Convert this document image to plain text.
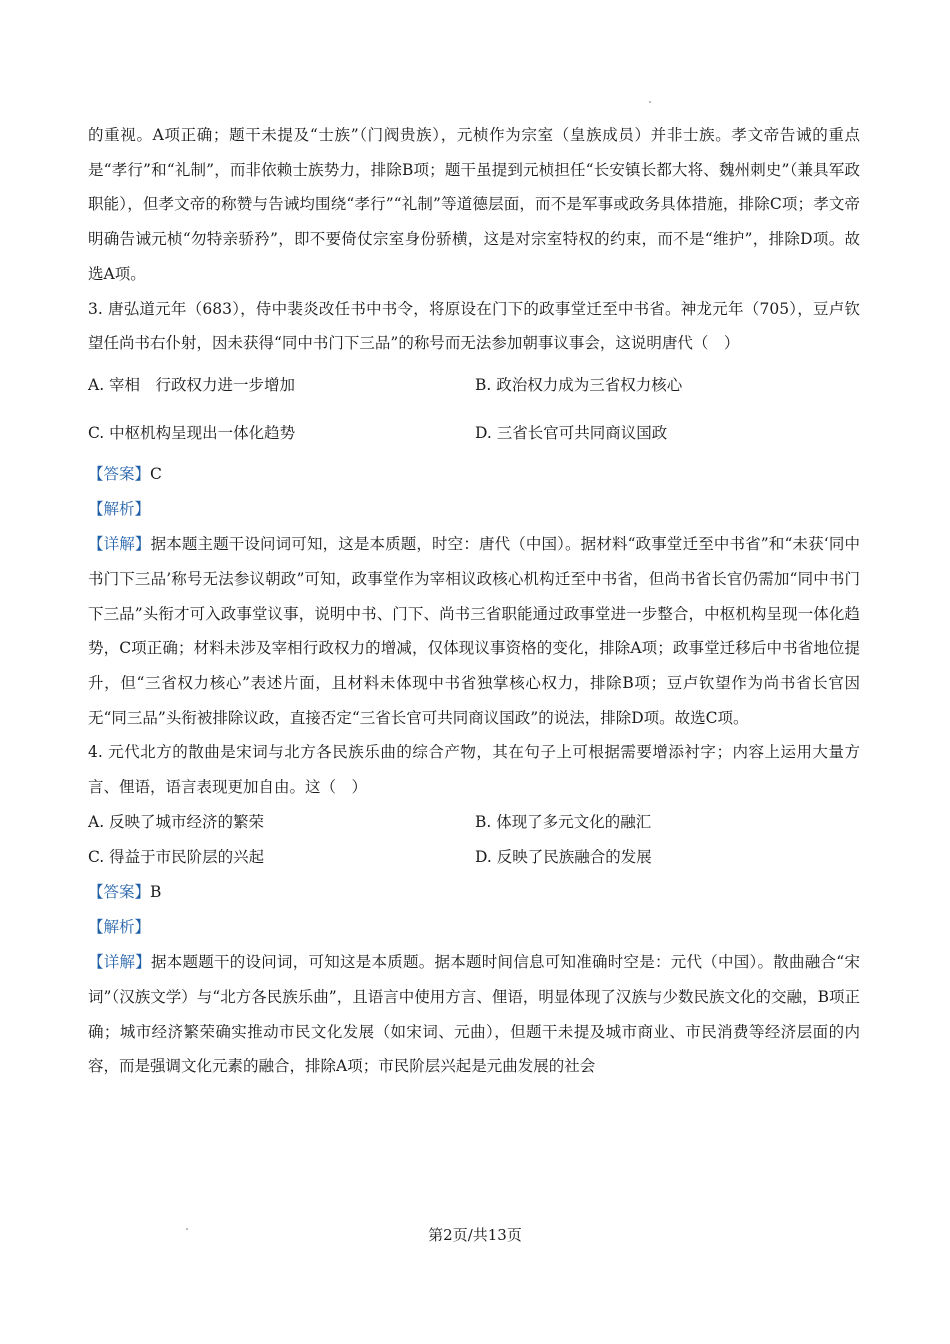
的重视。A项正确；题干未提及“士族”（门阀贵族），元桢作为宗室（皇族成员）并非士族。孝文帝告诫的重点是“孝行”和“礼制”，而非依赖士族势力，排除B项；题干虽提到元桢担任“长安镇长都大将、魏州刺史”（兼具军政职能），但孝文帝的称赞与告诫均围绕“孝行”“礼制”等道德层面，而不是军事或政务具体措施，排除C项；孝文帝明确告诫元桢“勿特亲骄矜”，即不要倚仗宗室身份骄横，这是对宗室特权的约束，而不是“维护”，排除D项。故选A项。

3. 唐弘道元年（683），侍中裴炎改任书中书令，将原设在门下的政事堂迁至中书省。神龙元年（705），豆卢钦望任尚书右仆射，因未获得“同中书门下三品”的称号而无法参加朝事议事会，这说明唐代（　）

A. 宰相　行政权力进一步增加	B. 政治权力成为三省权力核心
C. 中枢机构呈现出一体化趋势	D. 三省长官可共同商议国政

【答案】C

【解析】

【详解】据本题主题干设问词可知，这是本质题，时空：唐代（中国）。据材料“政事堂迁至中书省”和“未获‘同中书门下三品’称号无法参议朝政”可知，政事堂作为宰相议政核心机构迁至中书省，但尚书省长官仍需加“同中书门下三品”头衔才可入政事堂议事，说明中书、门下、尚书三省职能通过政事堂进一步整合，中枢机构呈现一体化趋势，C项正确；材料未涉及宰相行政权力的增减，仅体现议事资格的变化，排除A项；政事堂迁移后中书省地位提升，但“三省权力核心”表述片面，且材料未体现中书省独掌核心权力，排除B项；豆卢钦望作为尚书省长官因无“同三品”头衔被排除议政，直接否定“三省长官可共同商议国政”的说法，排除D项。故选C项。

4. 元代北方的散曲是宋词与北方各民族乐曲的综合产物，其在句子上可根据需要增添衬字；内容上运用大量方言、俚语，语言表现更加自由。这（　）

A. 反映了城市经济的繁荣	B. 体现了多元文化的融汇
C. 得益于市民阶层的兴起	D. 反映了民族融合的发展

【答案】B

【解析】

【详解】据本题题干的设问词，可知这是本质题。据本题时间信息可知准确时空是：元代（中国）。散曲融合“宋词”（汉族文学）与“北方各民族乐曲”，且语言中使用方言、俚语，明显体现了汉族与少数民族文化的交融，B项正确；城市经济繁荣确实推动市民文化发展（如宋词、元曲），但题干未提及城市商业、市民消费等经济层面的内容，而是强调文化元素的融合，排除A项；市民阶层兴起是元曲发展的社会

第2页/共13页
